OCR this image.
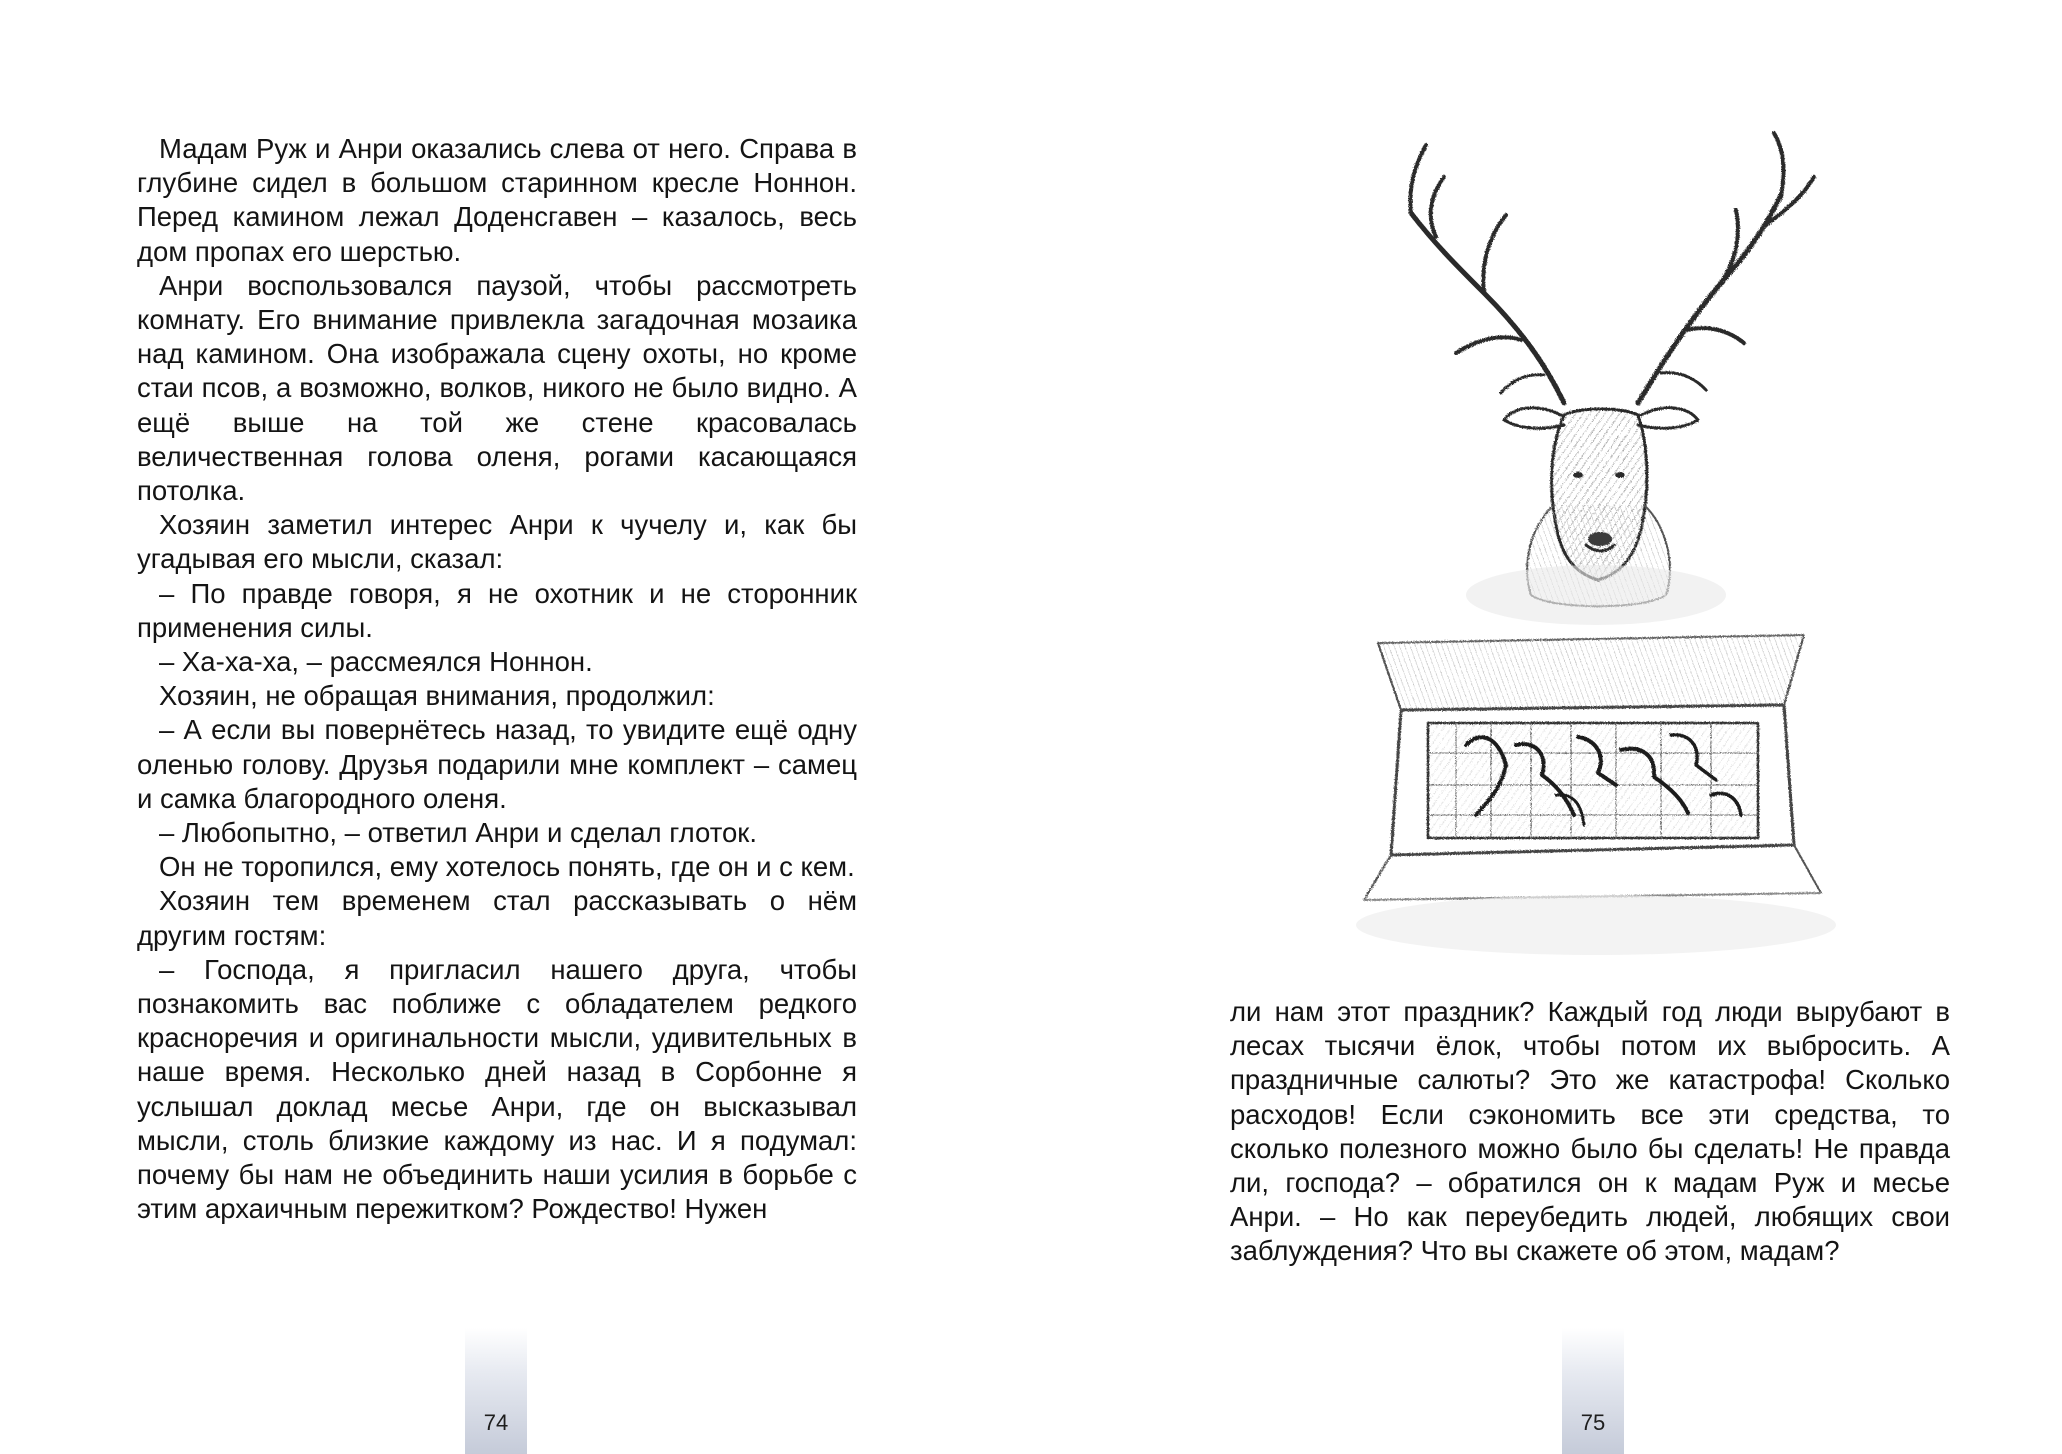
Мадам Руж и Анри оказались слева от него. Справа в глубине сидел в большом старинном кресле Ноннон. Перед камином лежал Доденсгавен – казалось, весь дом пропах его шерстью.

Анри воспользовался паузой, чтобы рассмотреть комнату. Его внимание привлекла загадочная мозаика над камином. Она изображала сцену охоты, но кроме стаи псов, а возможно, волков, никого не было видно. А ещё выше на той же стене красовалась величественная голова оленя, рогами касающаяся потолка.

Хозяин заметил интерес Анри к чучелу и, как бы угадывая его мысли, сказал:

– По правде говоря, я не охотник и не сторонник применения силы.

– Ха-ха-ха, – рассмеялся Ноннон.

Хозяин, не обращая внимания, продолжил:

– А если вы повернётесь назад, то увидите ещё одну оленью голову. Друзья подарили мне комплект – самец и самка благородного оленя.

– Любопытно, – ответил Анри и сделал глоток.

Он не торопился, ему хотелось понять, где он и с кем.

Хозяин тем временем стал рассказывать о нём другим гостям:

– Господа, я пригласил нашего друга, чтобы познакомить вас поближе с обладателем редкого красноречия и оригинальности мысли, удивительных в наше время. Несколько дней назад в Сорбонне я услышал доклад месье Анри, где он высказывал мысли, столь близкие каждому из нас. И я подумал: почему бы нам не объединить наши усилия в борьбе с этим архаичным пережитком? Рождество! Нужен

74

ли нам этот праздник? Каждый год люди вырубают в лесах тысячи ёлок, чтобы потом их выбросить. А праздничные салюты? Это же катастрофа! Сколько расходов! Если сэкономить все эти средства, то сколько полезного можно было бы сделать! Не правда ли, господа? – обратился он к мадам Руж и месье Анри. – Но как переубедить людей, любящих свои заблуждения? Что вы скажете об этом, мадам?

75
